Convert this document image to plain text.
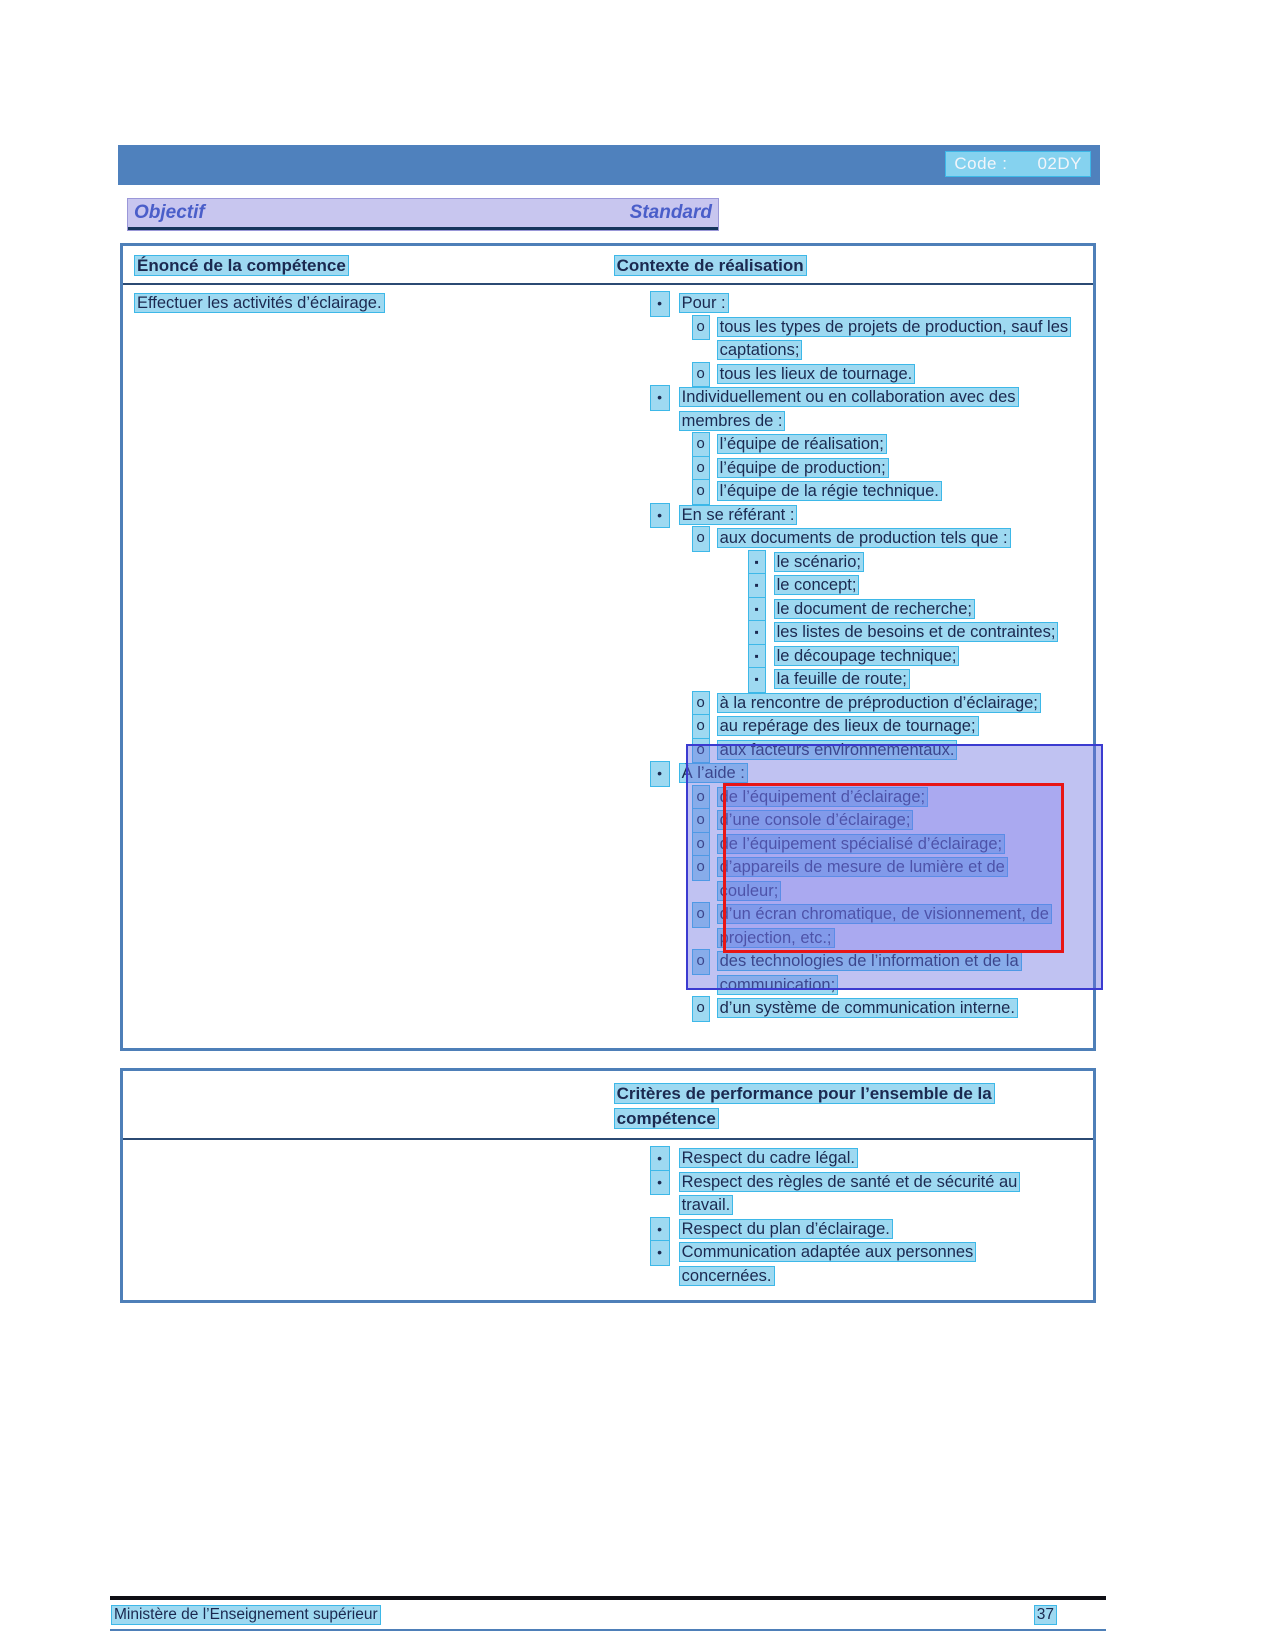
Code : 02DY
Objectif	Standard
Énoncé de la compétence	Contexte de réalisation
Effectuer les activités d’éclairage.	•	Pour :
o tous les types de projets de production, sauf les captations;
o tous les lieux de tournage.
•	Individuellement ou en collaboration avec des membres de :
o l’équipe de réalisation;
o l’équipe de production;
o l’équipe de la régie technique.
•	En se référant :
o aux documents de production tels que :
▪	le scénario;
▪	le concept;
▪	le document de recherche;
▪	les listes de besoins et de contraintes;
▪	le découpage technique;
▪	la feuille de route;
o à la rencontre de préproduction d’éclairage;
o au repérage des lieux de tournage;
o aux facteurs environnementaux.
•	À l’aide :
o de l’équipement d’éclairage;
o d’une console d’éclairage;
o de l’équipement spécialisé d’éclairage;
o d’appareils de mesure de lumière et de couleur;
o d’un écran chromatique, de visionnement, de projection, etc.;
o des technologies de l’information et de la communication;
o d’un système de communication interne.
Critères de performance pour l’ensemble de la compétence
•	Respect du cadre légal.
•	Respect des règles de santé et de sécurité au travail.
•	Respect du plan d’éclairage.
•	Communication adaptée aux personnes concernées.
Ministère de l’Enseignement supérieur	37
